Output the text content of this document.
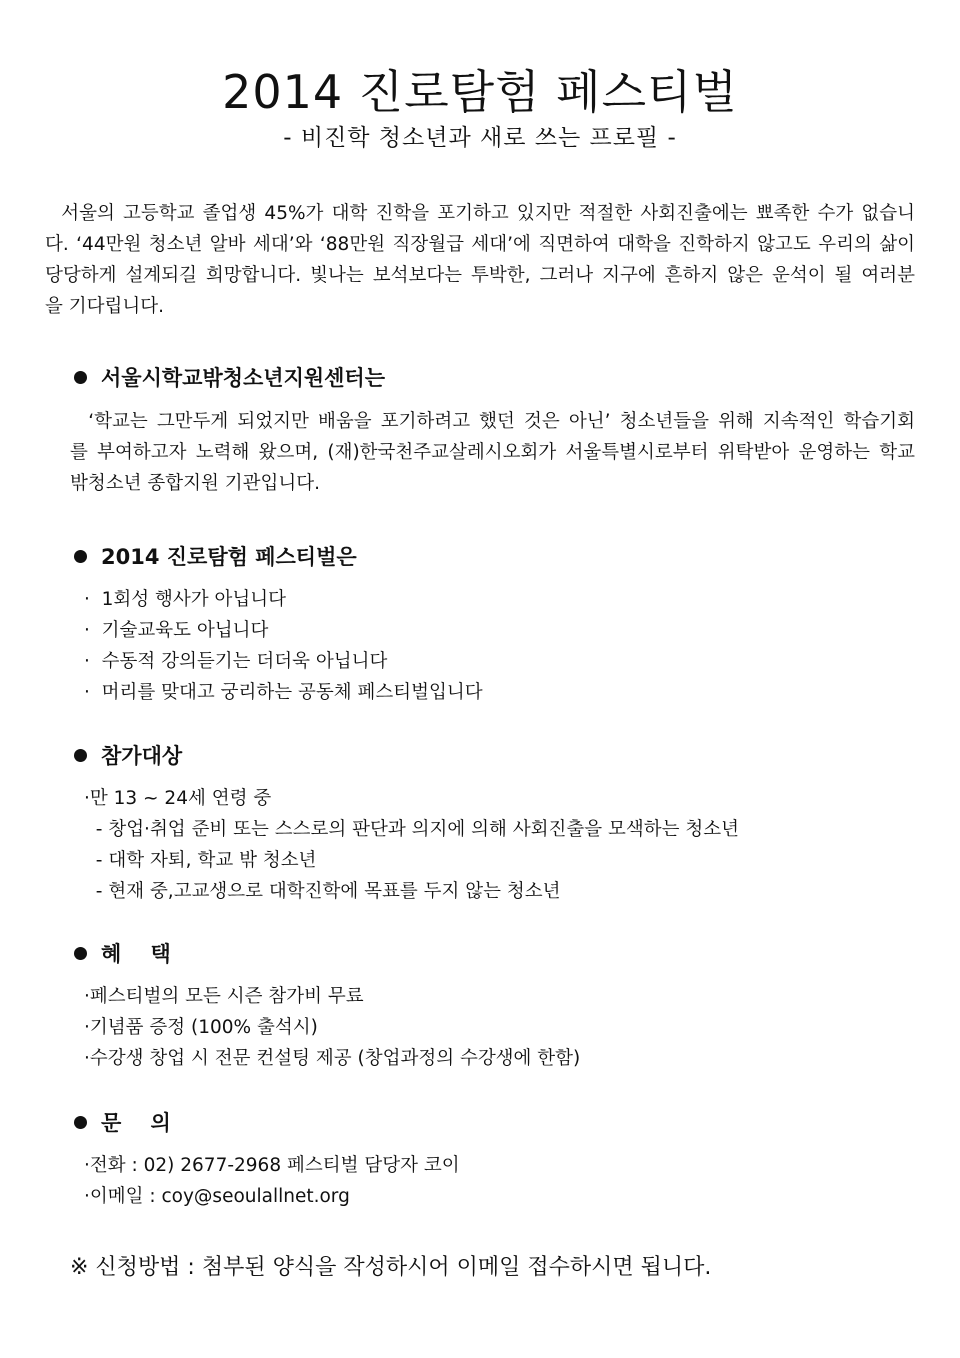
2014 진로탐험 페스티벌
- 비진학 청소년과 새로 쓰는 프로필 -
서울의 고등학교 졸업생 45%가 대학 진학을 포기하고 있지만 적절한 사회진출에는 뾰족한 수가 없습니
다. ‘44만원 청소년 알바 세대’와 ‘88만원 직장월급 세대’에 직면하여 대학을 진학하지 않고도 우리의 삶이
당당하게 설계되길 희망합니다. 빛나는 보석보다는 투박한, 그러나 지구에 흔하지 않은 운석이 될 여러분
을 기다립니다.
서울시학교밖청소년지원센터는
‘학교는 그만두게 되었지만 배움을 포기하려고 했던 것은 아닌’ 청소년들을 위해 지속적인 학습기회
를 부여하고자 노력해 왔으며, (재)한국천주교살레시오회가 서울특별시로부터 위탁받아 운영하는 학교
밖청소년 종합지원 기관입니다.
2014 진로탐험 페스티벌은
·  1회성 행사가 아닙니다
·  기술교육도 아닙니다
·  수동적 강의듣기는 더더욱 아닙니다
·  머리를 맞대고 궁리하는 공동체 페스티벌입니다
참가대상
·만 13 ~ 24세 연령 중
- 창업·취업 준비 또는 스스로의 판단과 의지에 의해 사회진출을 모색하는 청소년
- 대학 자퇴, 학교 밖 청소년
- 현재 중,고교생으로 대학진학에 목표를 두지 않는 청소년
혜    택
·페스티벌의 모든 시즌 참가비 무료
·기념품 증정 (100% 출석시)
·수강생 창업 시 전문 컨설팅 제공 (창업과정의 수강생에 한함)
문    의
·전화 : 02) 2677-2968 페스티벌 담당자 코이
·이메일 : coy@seoulallnet.org
※ 신청방법 : 첨부된 양식을 작성하시어 이메일 접수하시면 됩니다.
